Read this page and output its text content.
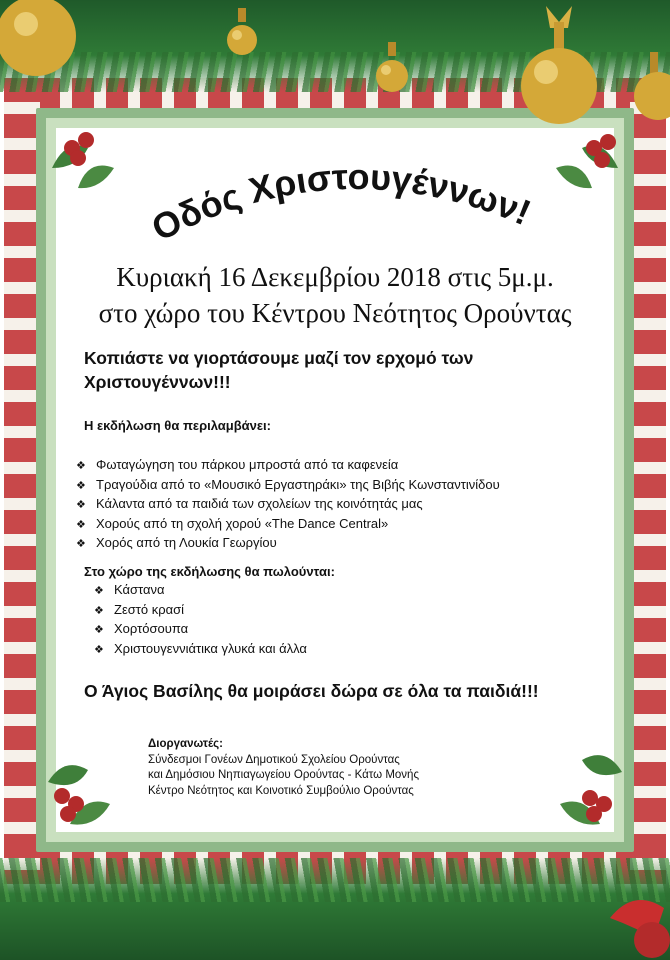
Οδός Χριστουγέννων!

Κυριακή 16 Δεκεμβρίου 2018 στις 5μ.μ.

στο χώρο του Κέντρου Νεότητος Ορούντας

Κοπιάστε να γιορτάσουμε μαζί τον ερχομό των Χριστουγέννων!!!

Η εκδήλωση θα περιλαμβάνει:

❖ Φωταγώγηση του πάρκου μπροστά από τα καφενεία
❖ Τραγούδια από το «Μουσικό Εργαστηράκι» της Βιβής Κωνσταντινίδου
❖ Κάλαντα από τα παιδιά των σχολείων της κοινότητάς μας
❖ Χορούς από τη σχολή χορού «The Dance Central»
❖ Χορός από τη Λουκία Γεωργίου

Στο χώρο της εκδήλωσης θα πωλούνται:

❖ Κάστανα
❖ Ζεστό κρασί
❖ Χορτόσουπα
❖ Χριστουγεννιάτικα γλυκά και άλλα

Ο Άγιος Βασίλης θα μοιράσει δώρα σε όλα τα παιδιά!!!

Διοργανωτές:
Σύνδεσμοι Γονέων Δημοτικού Σχολείου Ορούντας
και Δημόσιου Νηπιαγωγείου Ορούντας - Κάτω Μονής
Κέντρο Νεότητος και Κοινοτικό Συμβούλιο Ορούντας
